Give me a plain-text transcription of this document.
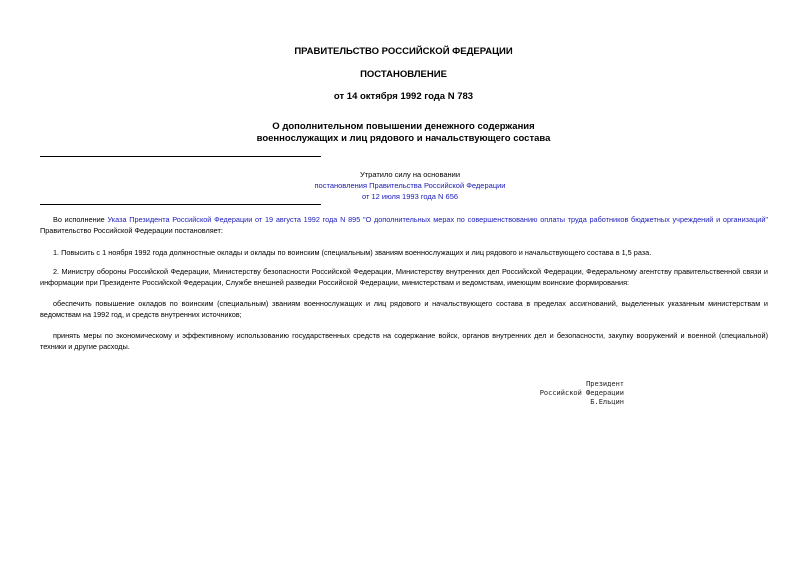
ПРАВИТЕЛЬСТВО РОССИЙСКОЙ ФЕДЕРАЦИИ

ПОСТАНОВЛЕНИЕ

от 14 октября 1992 года N 783

О дополнительном повышении денежного содержания

военнослужащих и лиц рядового и начальствующего состава

Утратило силу на основании
постановления Правительства Российской Федерации
от 12 июля 1993 года N 656

Во исполнение Указа Президента Российской Федерации от 19 августа 1992 года N 895 "О дополнительных мерах по совершенствованию оплаты труда работников бюджетных учреждений и организаций" Правительство Российской Федерации постановляет:

1. Повысить с 1 ноября 1992 года должностные оклады и оклады по воинским (специальным) званиям военнослужащих и лиц рядового и начальствующего состава в 1,5 раза.

2. Министру обороны Российской Федерации, Министерству безопасности Российской Федерации, Министерству внутренних дел Российской Федерации, Федеральному агентству правительственной связи и информации при Президенте Российской Федерации, Службе внешней разведки Российской Федерации, министерствам и ведомствам, имеющим воинские формирования:

обеспечить повышение окладов по воинским (специальным) званиям военнослужащих и лиц рядового и начальствующего состава в пределах ассигнований, выделенных указанным министерствам и ведомствам на 1992 год, и средств внутренних источников;

принять меры по экономическому и эффективному использованию государственных средств на содержание войск, органов внутренних дел и безопасности, закупку вооружений и военной (специальной) техники и другие расходы.

Президент
Российской Федерации
Б.Ельцин
